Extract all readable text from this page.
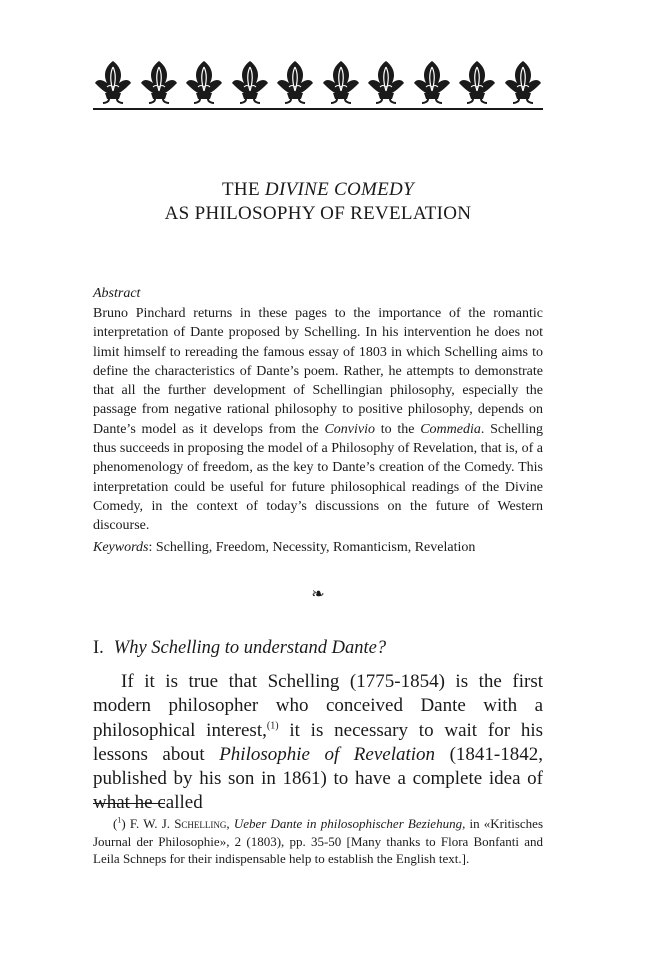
THE DIVINE COMEDY
AS PHILOSOPHY OF REVELATION
Abstract
Bruno Pinchard returns in these pages to the importance of the romantic interpretation of Dante proposed by Schelling. In his intervention he does not limit himself to rereading the famous essay of 1803 in which Schelling aims to define the characteristics of Dante’s poem. Rather, he attempts to demonstrate that all the further development of Schellingian philosophy, especially the passage from negative rational philosophy to positive philosophy, depends on Dante’s model as it develops from the Convivio to the Commedia. Schelling thus succeeds in proposing the model of a Philosophy of Revelation, that is, of a phenomenology of freedom, as the key to Dante’s creation of the Comedy. This interpretation could be useful for future philosophical readings of the Divine Comedy, in the context of today’s discussions on the future of Western discourse.
Keywords: Schelling, Freedom, Necessity, Romanticism, Revelation
❧
I. Why Schelling to understand Dante?

If it is true that Schelling (1775-1854) is the first modern philosopher who conceived Dante with a philosophical interest,$^{(1)}$ it is necessary to wait for his lessons about Philosophie of Revelation (1841-1842, published by his son in 1861) to have a complete idea of what he called

($^1$) F. W. J. Schelling, Ueber Dante in philosophischer Beziehung, in «Kritisches Journal der Philosophie», 2 (1803), pp. 35-50 [Many thanks to Flora Bonfanti and Leila Schneps for their indispensable help to establish the English text.].
